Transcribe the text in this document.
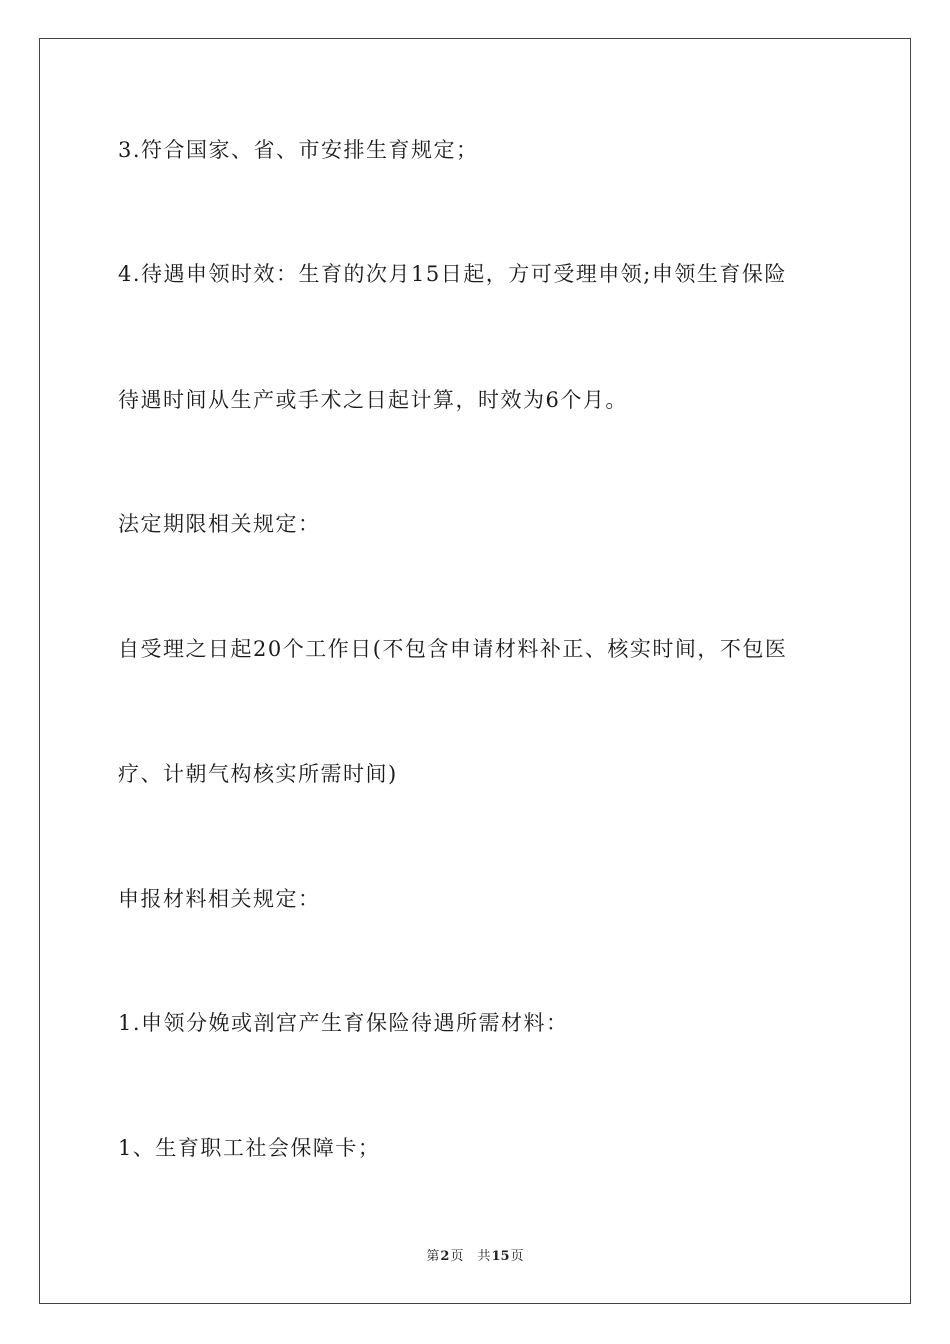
3.符合国家、省、市安排生育规定；
4.待遇申领时效：生育的次月15日起，方可受理申领;申领生育保险
待遇时间从生产或手术之日起计算，时效为6个月。
法定期限相关规定：
自受理之日起20个工作日(不包含申请材料补正、核实时间，不包医
疗、计朝气构核实所需时间)
申报材料相关规定：
1.申领分娩或剖宫产生育保险待遇所需材料：
1、生育职工社会保障卡；
第2页 共15页
